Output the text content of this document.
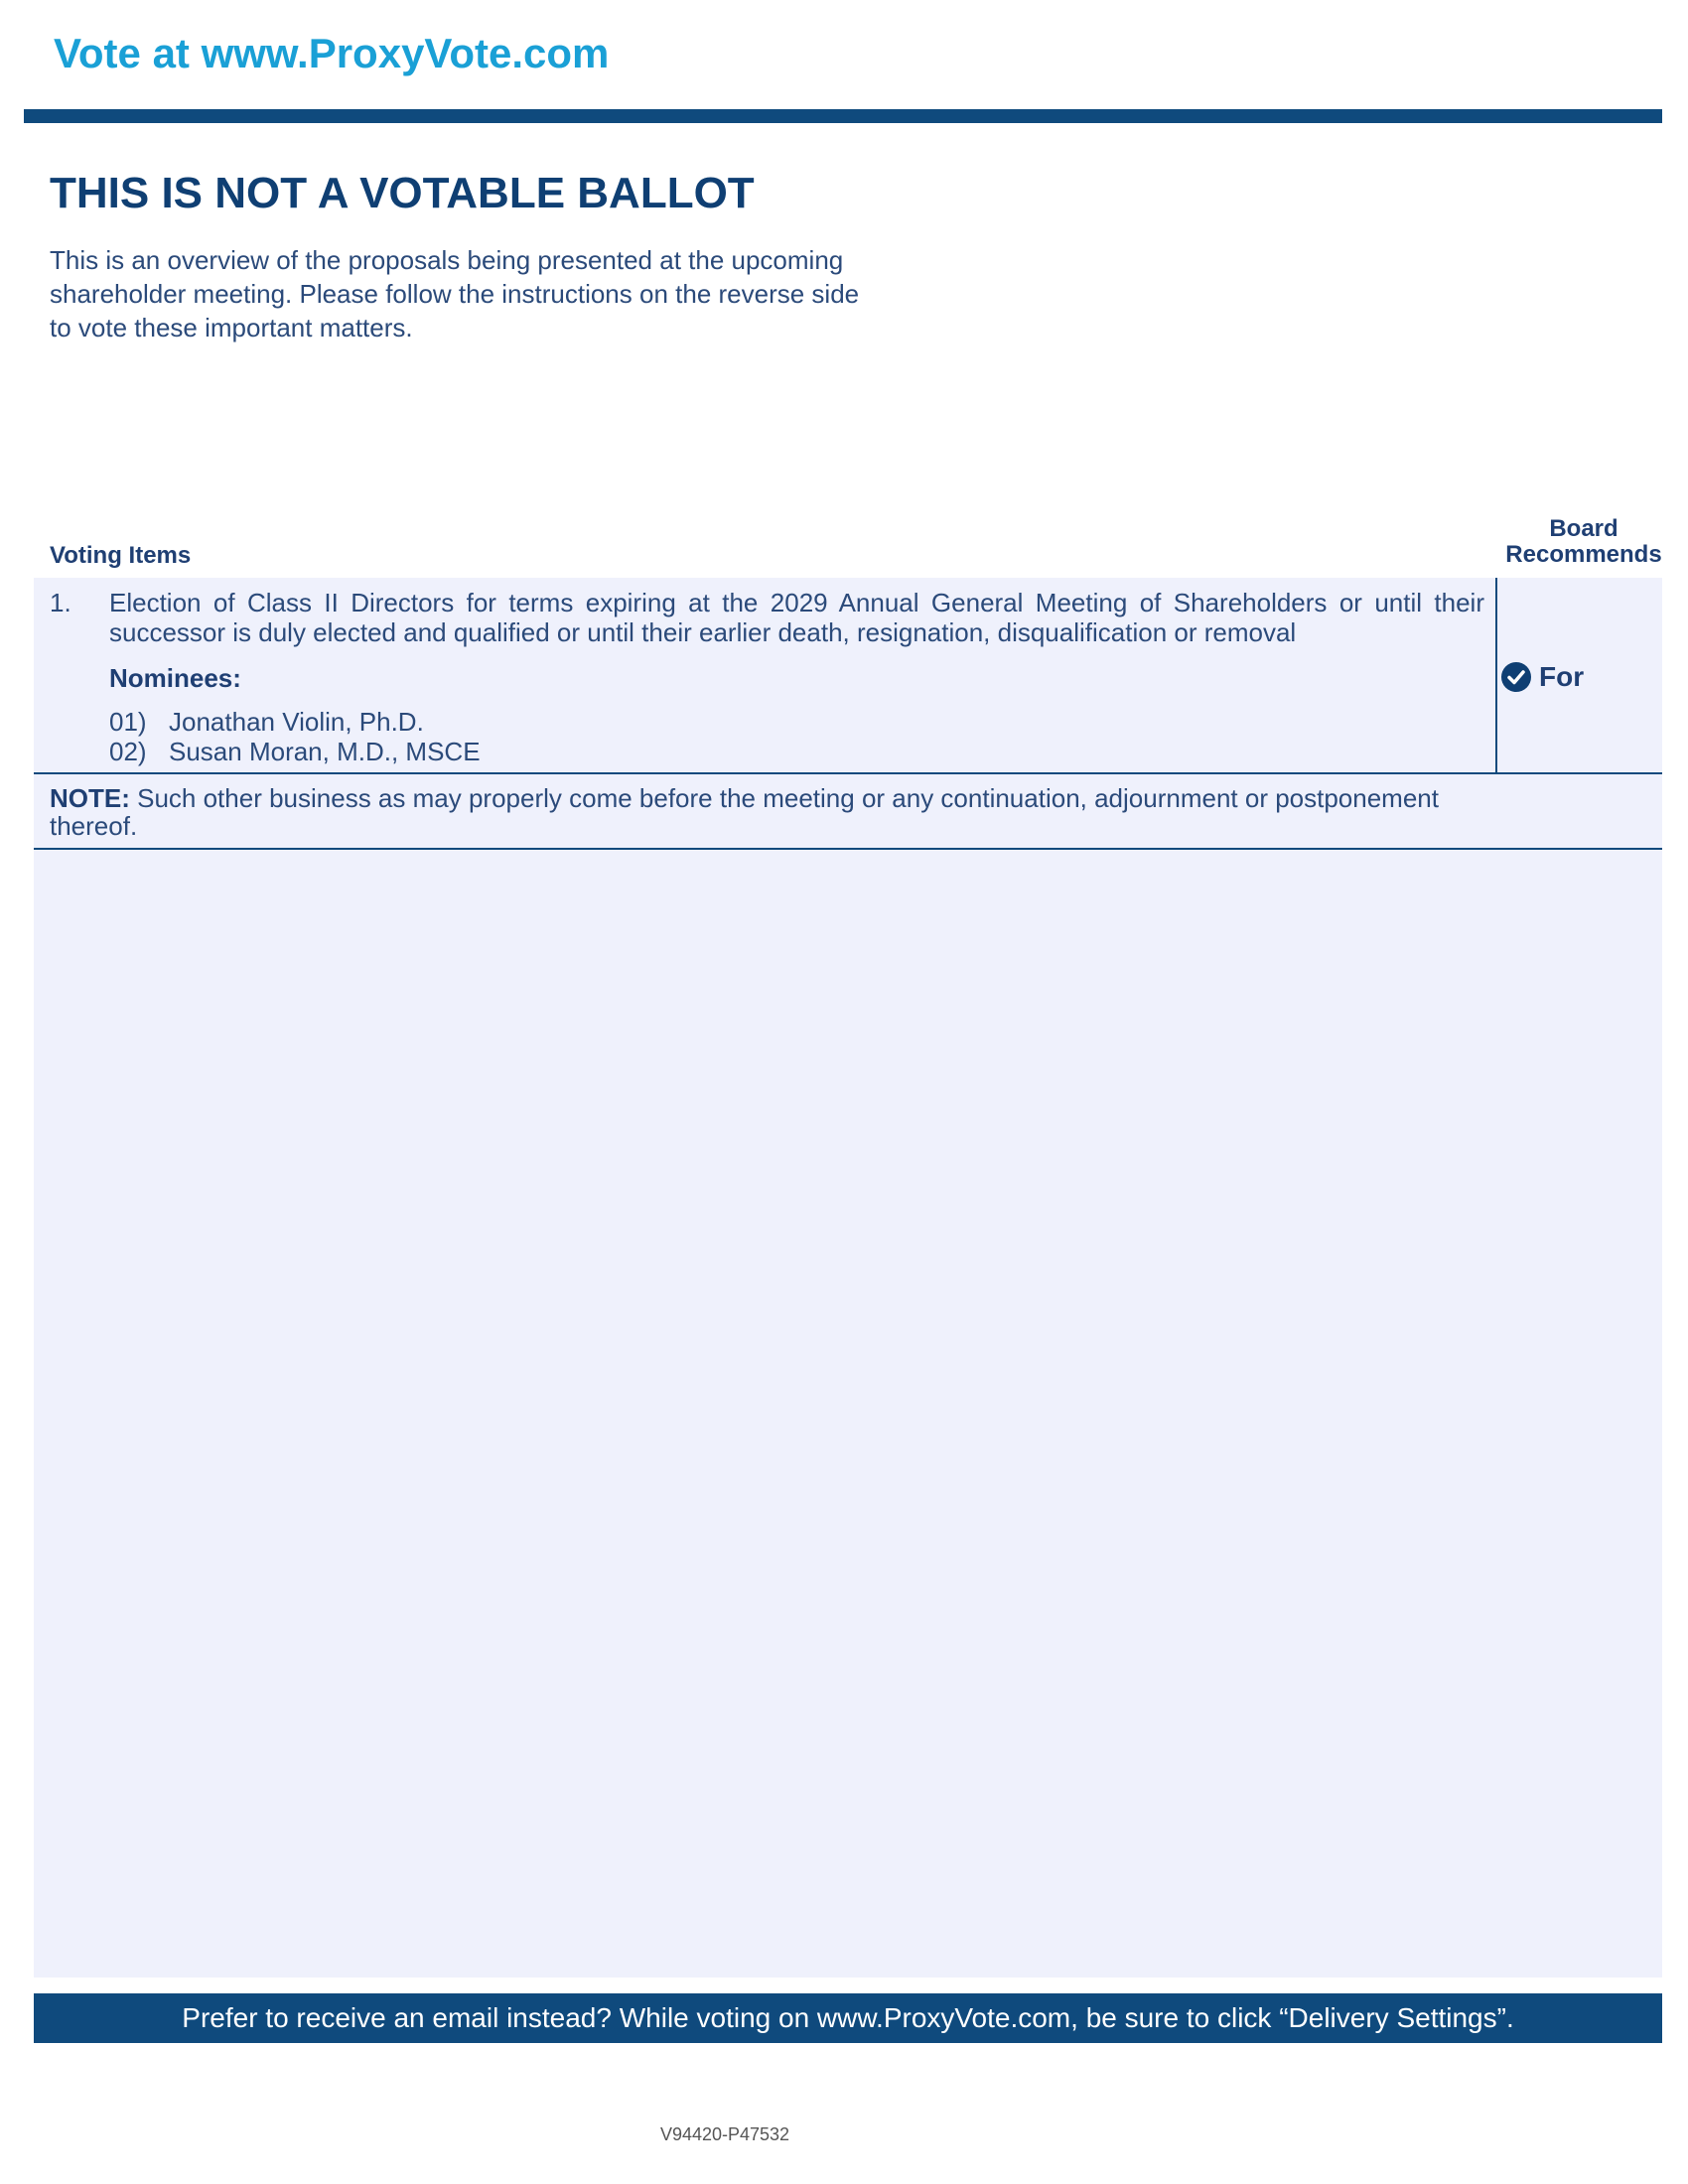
Vote at www.ProxyVote.com
THIS IS NOT A VOTABLE BALLOT
This is an overview of the proposals being presented at the upcoming shareholder meeting. Please follow the instructions on the reverse side to vote these important matters.
Voting Items
Board
Recommends
1. Election of Class II Directors for terms expiring at the 2029 Annual General Meeting of Shareholders or until their successor is duly elected and qualified or until their earlier death, resignation, disqualification or removal
Nominees:
01) Jonathan Violin, Ph.D.
02) Susan Moran, M.D., MSCE
For
NOTE: Such other business as may properly come before the meeting or any continuation, adjournment or postponement thereof.
Prefer to receive an email instead? While voting on www.ProxyVote.com, be sure to click “Delivery Settings”.
V94420-P47532
